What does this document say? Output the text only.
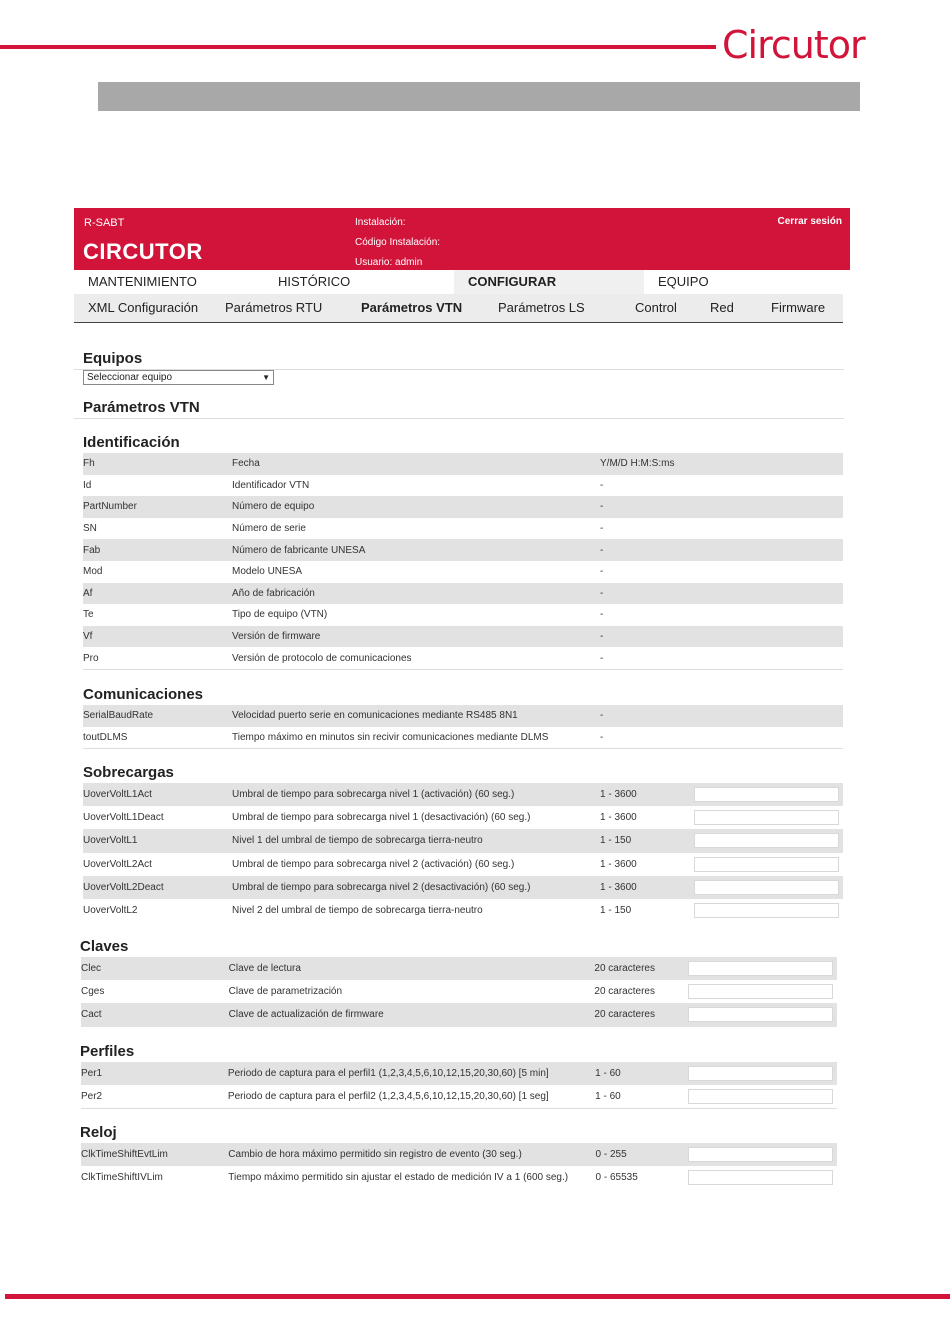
Circutor
R-SABT
CIRCUTOR
Instalación:
Código Instalación:
Usuario: admin
Cerrar sesión
MANTENIMIENTO	HISTÓRICO	CONFIGURAR	EQUIPO
XML Configuración Parámetros RTU	Parámetros VTN	Parámetros LS	Control	Red	Firmware
Equipos
Seleccionar equipo	▼
Parámetros VTN
Identificación
Fh	Fecha	Y/M/D H:M:S:ms
Id	Identificador VTN	-
PartNumber	Número de equipo	-
SN	Número de serie	-
Fab	Número de fabricante UNESA	-
Mod	Modelo UNESA	-
Af	Año de fabricación	-
Te	Tipo de equipo (VTN)	-
Vf	Versión de firmware	-
Pro	Versión de protocolo de comunicaciones	-
Comunicaciones
SerialBaudRate	Velocidad puerto serie en comunicaciones mediante RS485 8N1	-
toutDLMS	Tiempo máximo en minutos sin recivir comunicaciones mediante DLMS	-
Sobrecargas
UoverVoltL1Act	Umbral de tiempo para sobrecarga nivel 1 (activación) (60 seg.)	1 - 3600	

UoverVoltL1Deact	Umbral de tiempo para sobrecarga nivel 1 (desactivación) (60 seg.)	1 - 3600	

UoverVoltL1	Nivel 1 del umbral de tiempo de sobrecarga tierra-neutro	1 - 150	

UoverVoltL2Act	Umbral de tiempo para sobrecarga nivel 2 (activación) (60 seg.)	1 - 3600	

UoverVoltL2Deact	Umbral de tiempo para sobrecarga nivel 2 (desactivación) (60 seg.)	1 - 3600	

UoverVoltL2	Nivel 2 del umbral de tiempo de sobrecarga tierra-neutro	1 - 150	
Claves
Clec	Clave de lectura	20 caracteres	

Cges	Clave de parametrización	20 caracteres	

Cact	Clave de actualización de firmware	20 caracteres	
Perfiles
Per1	Periodo de captura para el perfil1 (1,2,3,4,5,6,10,12,15,20,30,60) [5 min]	1 - 60	

Per2	Periodo de captura para el perfil2 (1,2,3,4,5,6,10,12,15,20,30,60) [1 seg]	1 - 60	
Reloj
ClkTimeShiftEvtLim	Cambio de hora máximo permitido sin registro de evento (30 seg.)	0 - 255	

ClkTimeShiftIVLim	Tiempo máximo permitido sin ajustar el estado de medición IV a 1 (600 seg.)	0 - 65535	
